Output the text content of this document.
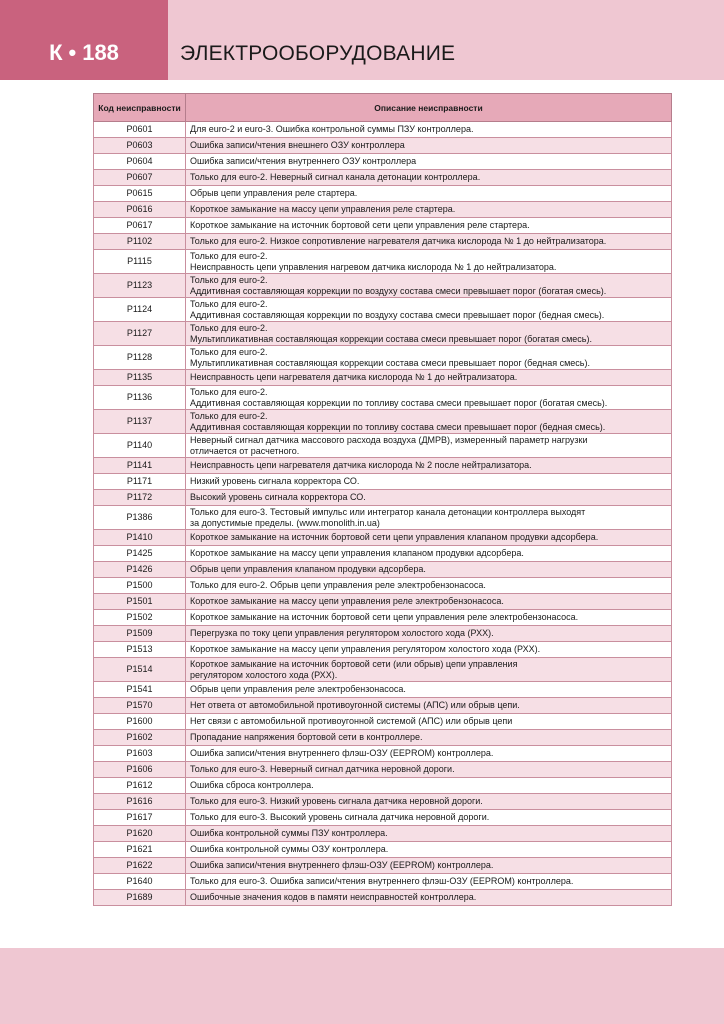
К • 188	ЭЛЕКТРООБОРУДОВАНИЕ
Код неисправности	Описание неисправности
P0601	Для euro-2 и euro-3. Ошибка контрольной суммы ПЗУ контроллера.

P0603	Ошибка записи/чтения внешнего ОЗУ контроллера

P0604	Ошибка записи/чтения внутреннего ОЗУ контроллера

P0607	Только для euro-2. Неверный сигнал канала детонации контроллера.

P0615	Обрыв цепи управления реле стартера.

P0616	Короткое замыкание на массу цепи управления реле стартера.

P0617	Короткое замыкание на источник бортовой сети цепи управления реле стартера.

P1102	Только для euro-2. Низкое сопротивление нагревателя датчика кислорода № 1 до нейтрализатора.

P1115	Только для euro-2.
Неисправность цепи управления нагревом датчика кислорода № 1 до нейтрализатора.

P1123	Только для euro-2.
Аддитивная составляющая коррекции по воздуху состава смеси превышает порог (богатая смесь).

P1124	Только для euro-2.
Аддитивная составляющая коррекции по воздуху состава смеси превышает порог (бедная смесь).

P1127	Только для euro-2.
Мультипликативная составляющая коррекции состава смеси превышает порог (богатая смесь).

P1128	Только для euro-2.
Мультипликативная составляющая коррекции состава смеси превышает порог (бедная смесь).

P1135	Неисправность цепи нагревателя датчика кислорода № 1 до нейтрализатора.

P1136	Только для euro-2.
Аддитивная составляющая коррекции по топливу состава смеси превышает порог (богатая смесь).

P1137	Только для euro-2.
Аддитивная составляющая коррекции по топливу состава смеси превышает порог (бедная смесь).

P1140	Неверный сигнал датчика массового расхода воздуха (ДМРВ), измеренный параметр нагрузки
отличается от расчетного.

P1141	Неисправность цепи нагревателя датчика кислорода № 2 после нейтрализатора.

P1171	Низкий уровень сигнала корректора СО.

P1172	Высокий уровень сигнала корректора СО.

P1386	Только для euro-3. Тестовый импульс или интегратор канала детонации контроллера выходят
за допустимые пределы. (www.monolith.in.ua)

P1410	Короткое замыкание на источник бортовой сети цепи управления клапаном продувки адсорбера.

P1425	Короткое замыкание на массу цепи управления клапаном продувки адсорбера.

P1426	Обрыв цепи управления клапаном продувки адсорбера.

P1500	Только для euro-2. Обрыв цепи управления реле электробензонасоса.

P1501	Короткое замыкание на массу цепи управления реле электробензонасоса.

P1502	Короткое замыкание на источник бортовой сети цепи управления реле электробензонасоса.

P1509	Перегрузка по току цепи управления регулятором холостого хода (РХХ).

P1513	Короткое замыкание на массу цепи управления регулятором холостого хода (РХХ).

P1514	Короткое замыкание на источник бортовой сети (или обрыв) цепи управления
регулятором холостого хода (РХХ).

P1541	Обрыв цепи управления реле электробензонасоса.

P1570	Нет ответа от автомобильной противоугонной системы (АПС) или обрыв цепи.

P1600	Нет связи с автомобильной противоугонной системой (АПС) или обрыв цепи

P1602	Пропадание напряжения бортовой сети в контроллере.

P1603	Ошибка записи/чтения внутреннего флэш-ОЗУ (EEPROM) контроллера.

P1606	Только для euro-3. Неверный сигнал датчика неровной дороги.

P1612	Ошибка сброса контроллера.

P1616	Только для euro-3. Низкий уровень сигнала датчика неровной дороги.

P1617	Только для euro-3. Высокий уровень сигнала датчика неровной дороги.

P1620	Ошибка контрольной суммы ПЗУ контроллера.

P1621	Ошибка контрольной суммы ОЗУ контроллера.

P1622	Ошибка записи/чтения внутреннего флэш-ОЗУ (EEPROM) контроллера.

P1640	Только для euro-3. Ошибка записи/чтения внутреннего флэш-ОЗУ (EEPROM) контроллера.

P1689	Ошибочные значения кодов в памяти неисправностей контроллера.
